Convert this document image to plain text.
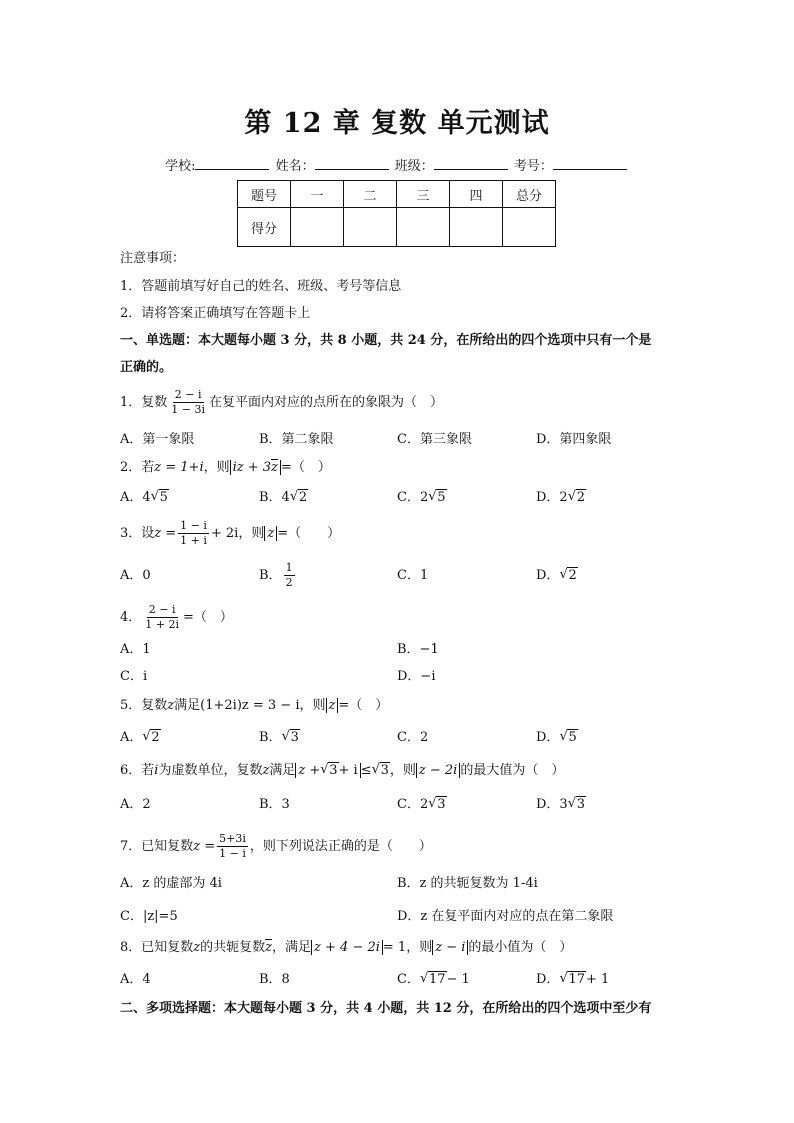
第 12 章 复数 单元测试
学校:	姓名：	班级：	考号：
题号	一	二	三	四	总分
得分					
注意事项：
1．答题前填写好自己的姓名、班级、考号等信息
2．请将答案正确填写在答题卡上
一、单选题：本大题每小题 3 分，共 8 小题，共 24 分，在所给出的四个选项中只有一个是
正确的。
1．复数 $\frac{2 - i}{1 - 3i}$ 在复平面内对应的点所在的象限为（　）
A．第一象限	B．第二象限	C．第三象限	D．第四象限
2．若z = 1+i，则 iz + 3z =（　）
A．4 √ 5	B．4 √ 2	C．2 √ 5	D．2 √ 2
3．设$z = \frac{1 - i}{1 + i} + 2i$，则 z =（　　）
A．0	B． $\frac{1}{2}$	C．1	D． √ 2
4． $\frac{2 - i}{1 + 2i}$ =（　）
A．1	B．−1
C．i	D．−i
5．复数z满足(1+2i)z = 3 − i，则 z =（　）
A． √ 2	B． √ 3	C．2	D． √ 5
6．若i为虚数单位，复数z满足 z + √ 3+ i ≤ √ 3，则 z − 2i 的最大值为（　）
A．2	B．3	C．2 √ 3	D．3 √ 3
7．已知复数$z = \frac{5+3i}{1 - i}$ ，则下列说法正确的是（　　）
A．z 的虚部为 4i	B．z 的共轭复数为 1-4i
C．|z|=5	D．z 在复平面内对应的点在第二象限
8．已知复数z的共轭复数z，满足 z + 4 − 2i = 1，则 z − i 的最小值为（　）
A．4	B．8	C． √ 17− 1	D． √ 17+ 1
二、多项选择题：本大题每小题 3 分，共 4 小题，共 12 分，在所给出的四个选项中至少有
